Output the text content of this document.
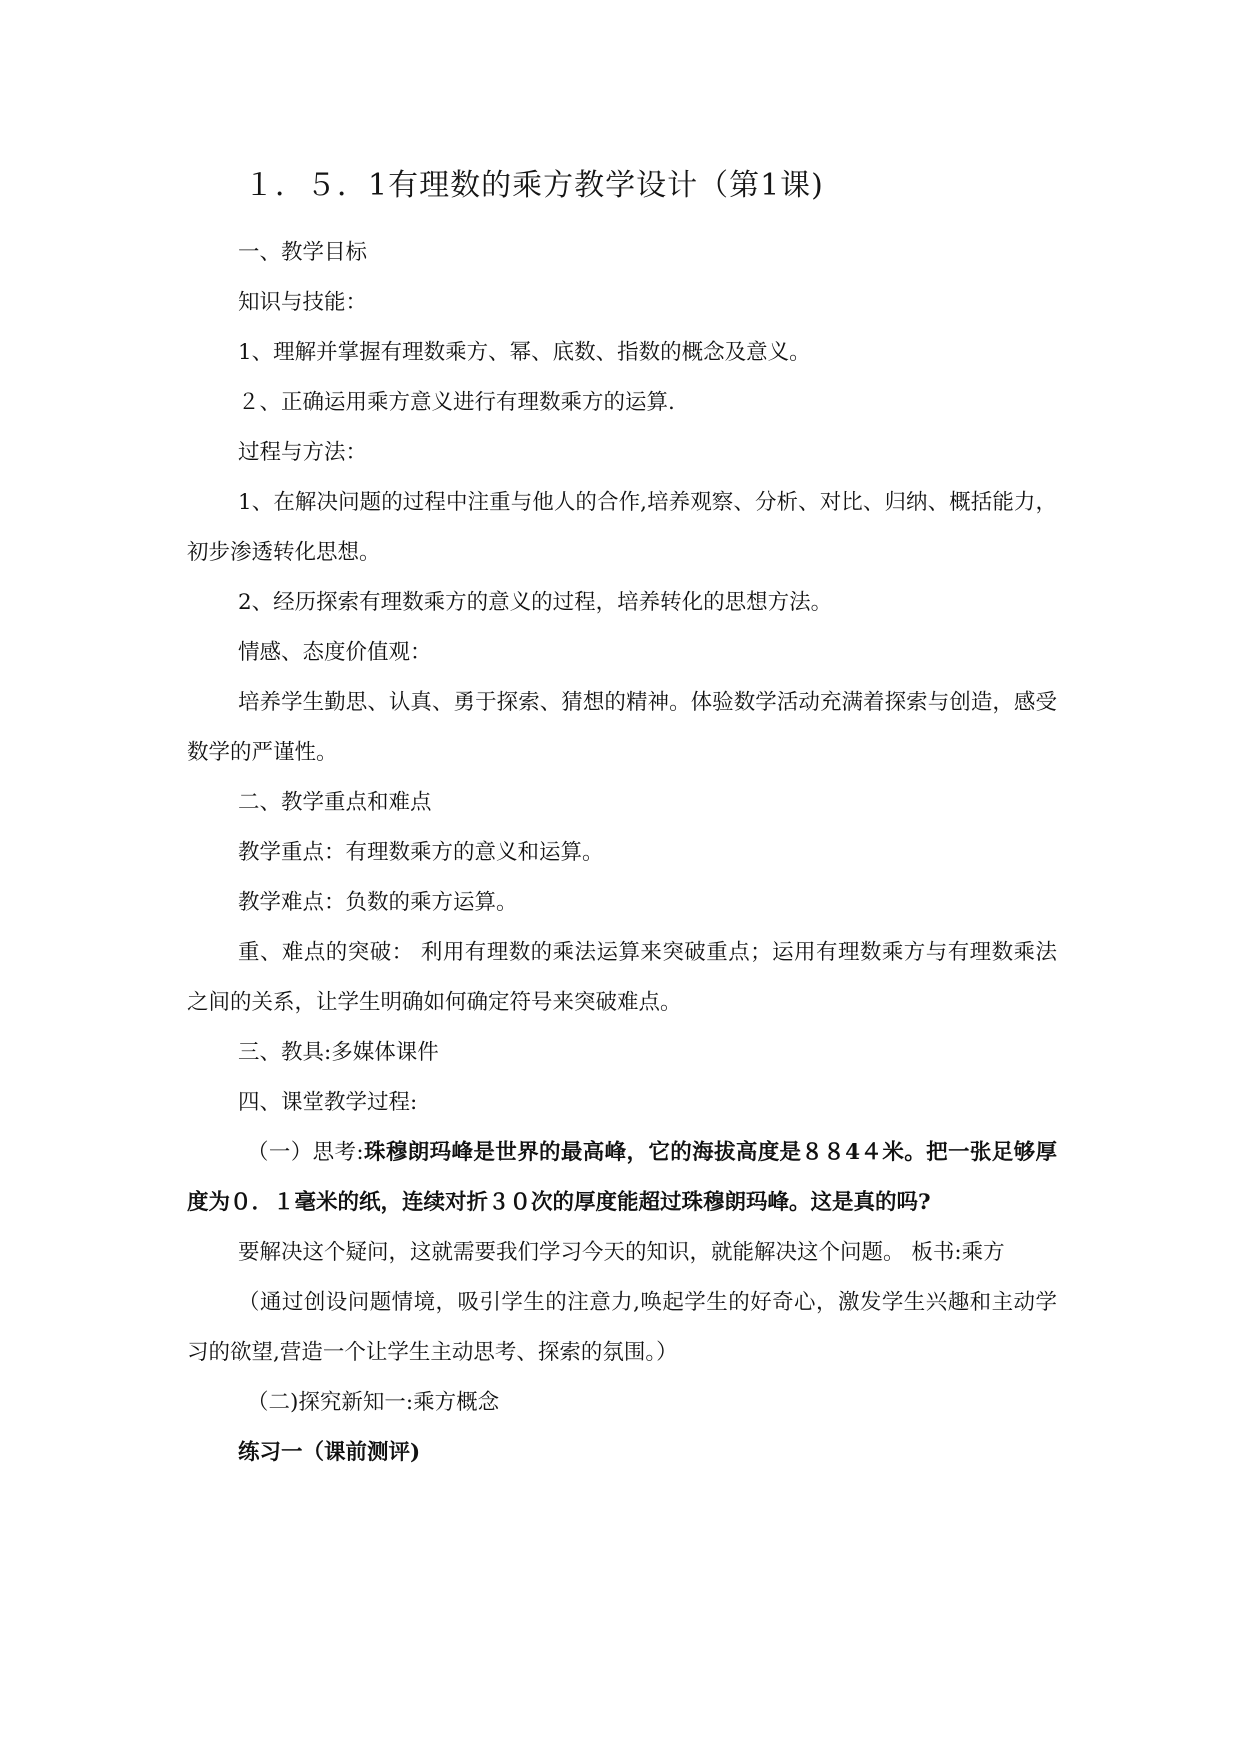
１．５．1有理数的乘方教学设计（第1课)

一、教学目标

知识与技能：

1、理解并掌握有理数乘方、幂、底数、指数的概念及意义。

２、正确运用乘方意义进行有理数乘方的运算.

过程与方法：

1、在解决问题的过程中注重与他人的合作,培养观察、分析、对比、归纳、概括能力，初步渗透转化思想。

2、经历探索有理数乘方的意义的过程，培养转化的思想方法。

情感、态度价值观：

培养学生勤思、认真、勇于探索、猜想的精神。体验数学活动充满着探索与创造，感受数学的严谨性。

二、教学重点和难点

教学重点：有理数乘方的意义和运算。

教学难点：负数的乘方运算。

重、难点的突破： 利用有理数的乘法运算来突破重点；运用有理数乘方与有理数乘法之间的关系，让学生明确如何确定符号来突破难点。

三、教具:多媒体课件

四、课堂教学过程:

（一）思考:珠穆朗玛峰是世界的最高峰，它的海拔高度是８８4４米。把一张足够厚度为０．１毫米的纸，连续对折３０次的厚度能超过珠穆朗玛峰。这是真的吗?

要解决这个疑问，这就需要我们学习今天的知识，就能解决这个问题。 板书:乘方

（通过创设问题情境，吸引学生的注意力,唤起学生的好奇心，激发学生兴趣和主动学习的欲望,营造一个让学生主动思考、探索的氛围。）

（二)探究新知一:乘方概念

练习一（课前测评)
